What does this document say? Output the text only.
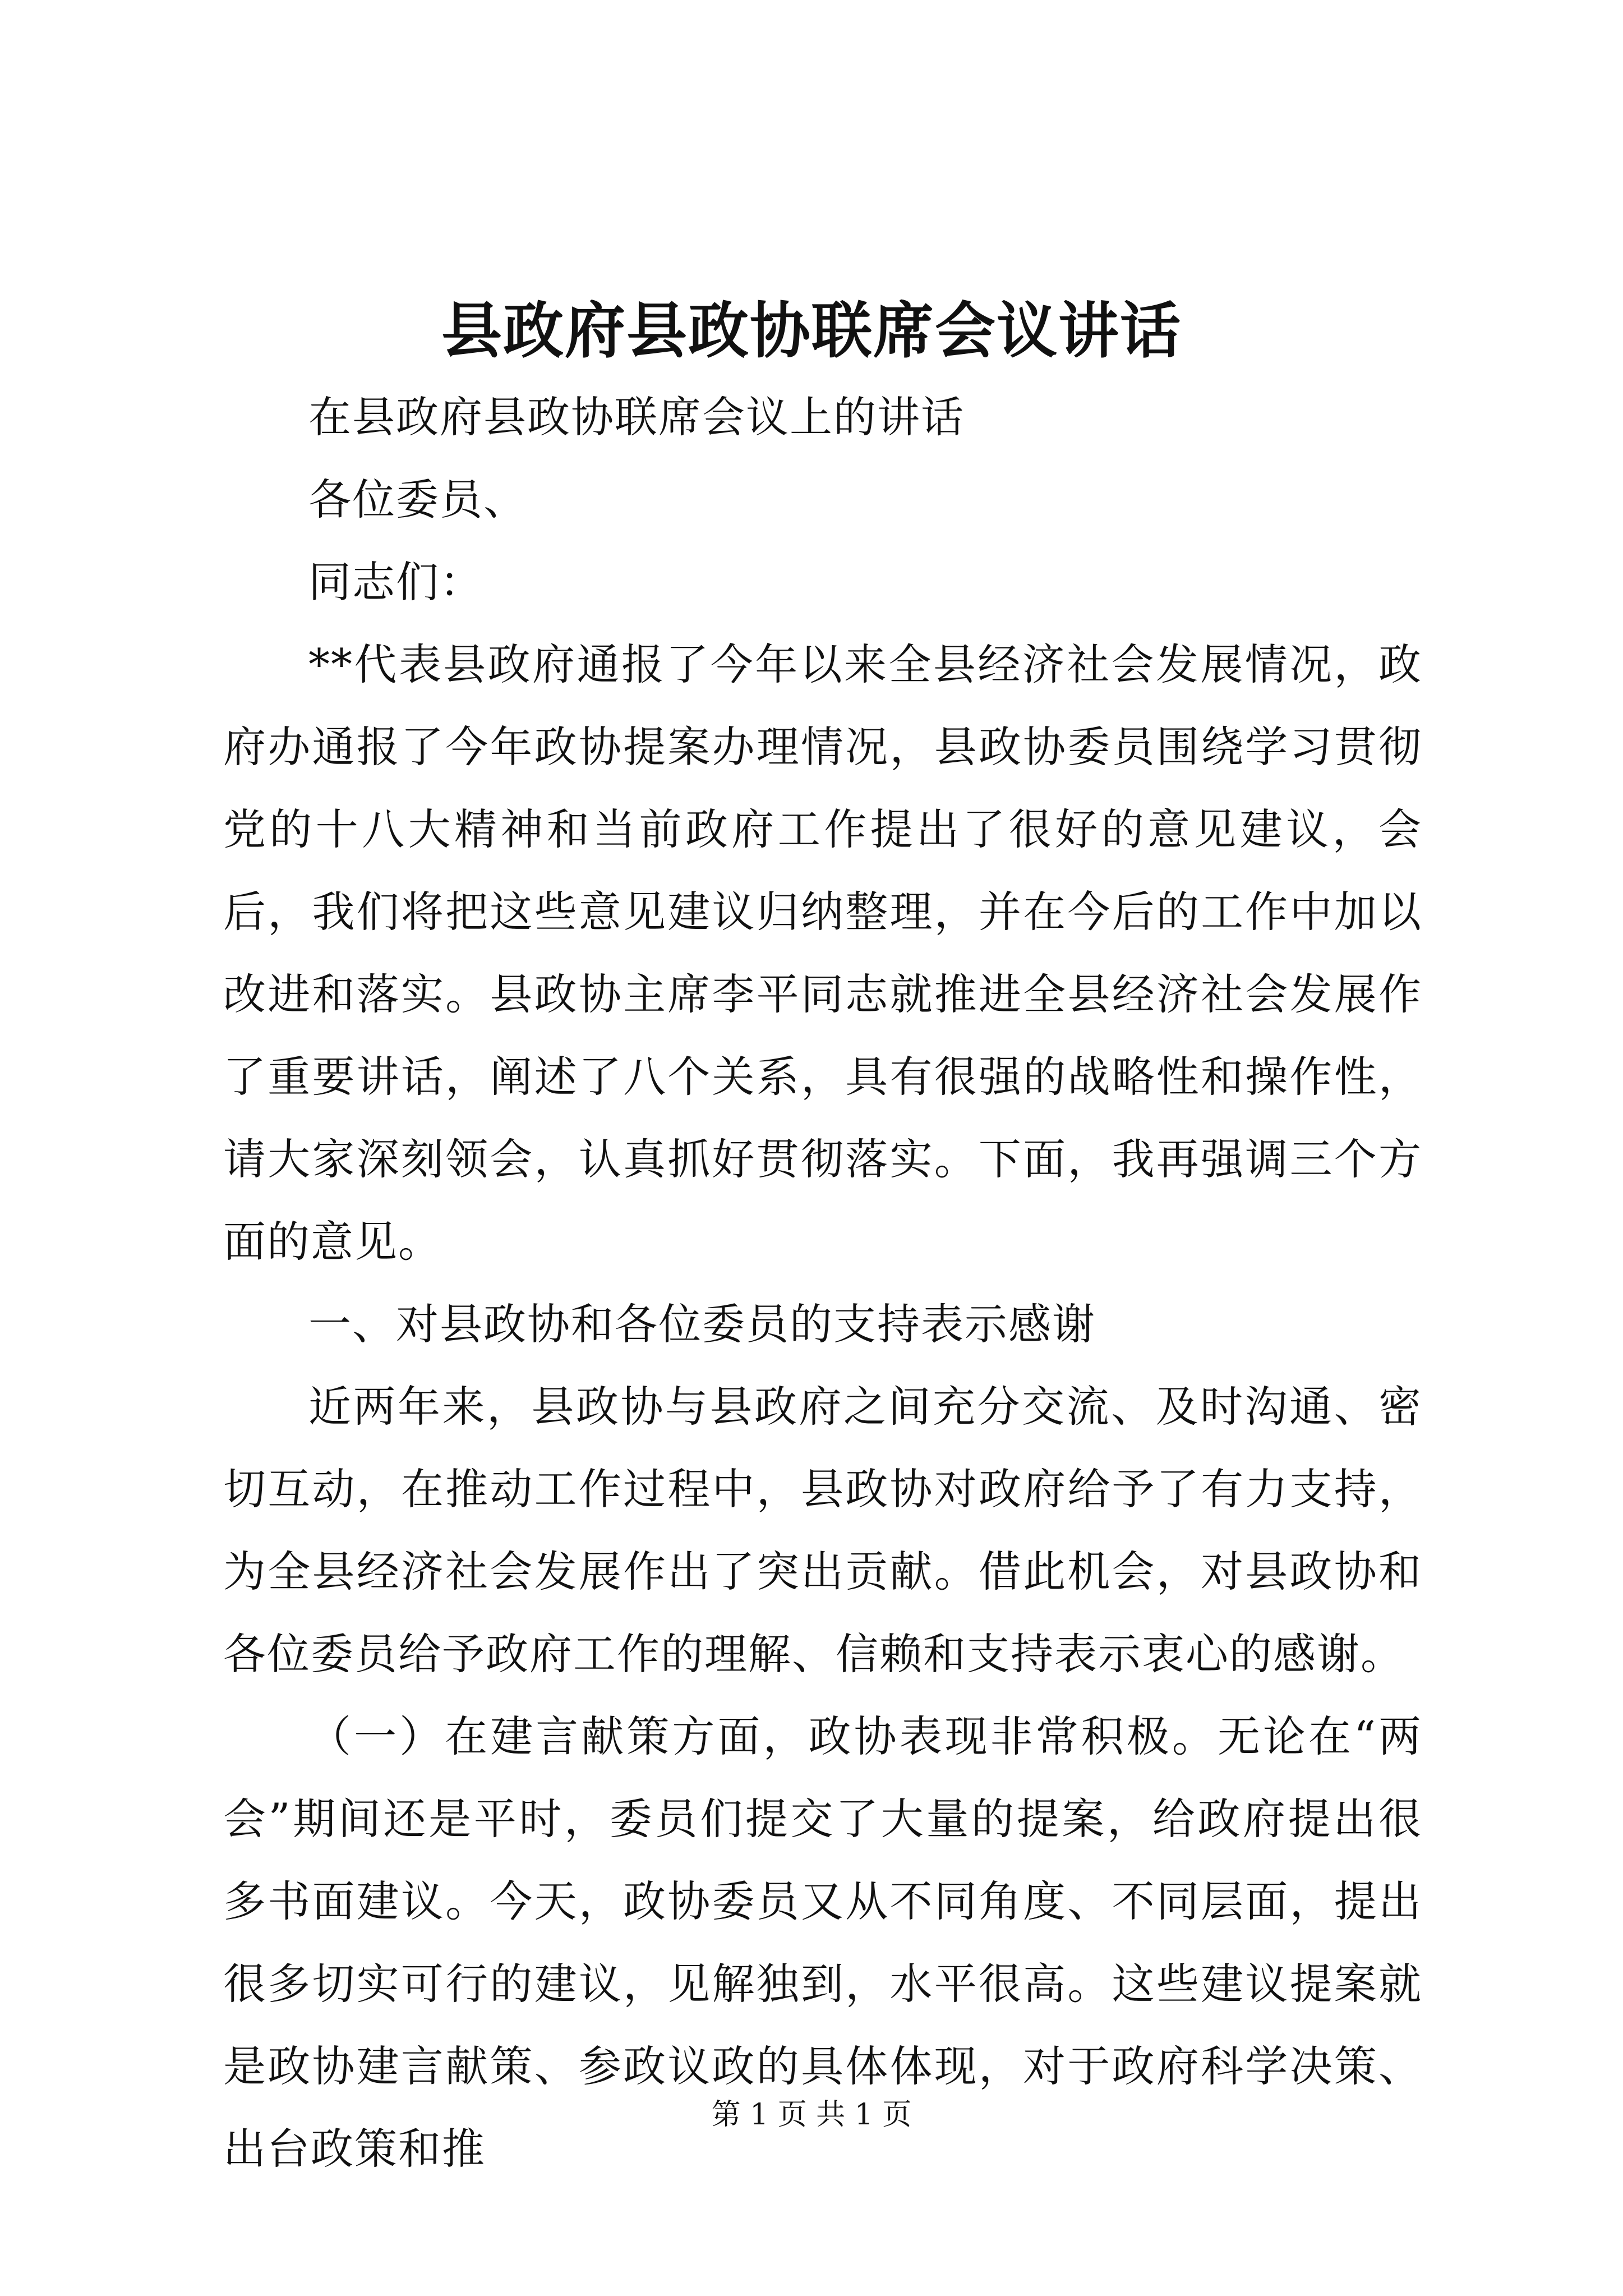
县政府县政协联席会议讲话

在县政府县政协联席会议上的讲话

各位委员、

同志们：

**代表县政府通报了今年以来全县经济社会发展情况，政府办通报了今年政协提案办理情况，县政协委员围绕学习贯彻党的十八大精神和当前政府工作提出了很好的意见建议，会后，我们将把这些意见建议归纳整理，并在今后的工作中加以改进和落实。县政协主席李平同志就推进全县经济社会发展作了重要讲话，阐述了八个关系，具有很强的战略性和操作性，请大家深刻领会，认真抓好贯彻落实。下面，我再强调三个方面的意见。

一、对县政协和各位委员的支持表示感谢

近两年来，县政协与县政府之间充分交流、及时沟通、密切互动，在推动工作过程中，县政协对政府给予了有力支持，为全县经济社会发展作出了突出贡献。借此机会，对县政协和各位委员给予政府工作的理解、信赖和支持表示衷心的感谢。

（一）在建言献策方面，政协表现非常积极。无论在“两会”期间还是平时，委员们提交了大量的提案，给政府提出很多书面建议。今天，政协委员又从不同角度、不同层面，提出很多切实可行的建议，见解独到，水平很高。这些建议提案就是政协建言献策、参政议政的具体体现，对于政府科学决策、出台政策和推

第 1 页 共 1 页
